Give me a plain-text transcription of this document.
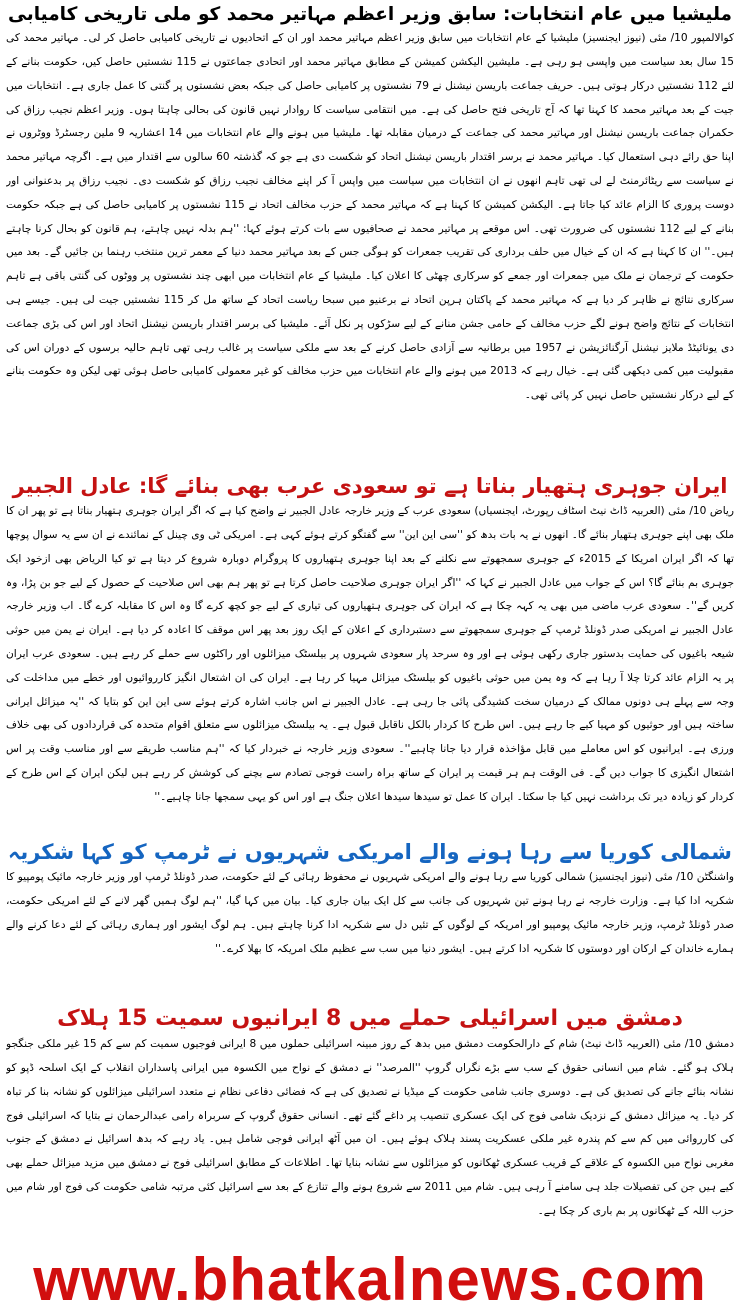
ملیشیا میں عام انتخابات: سابق وزیر اعظم مہاتیر محمد کو ملی تاریخی کامیابی

کوالالمپور 10/ مئی (نیوز ایجنسیز) ملیشیا کے عام انتخابات میں سابق وزیر اعظم مہاتیر محمد اور ان کے اتحادیوں نے تاریخی کامیابی حاصل کر لی۔ مہاتیر محمد کی 15 سال بعد سیاست میں واپسی ہو رہی ہے۔ ملیشین الیکشن کمیشن کے مطابق مہاتیر محمد اور اتحادی جماعتوں نے 115 نشستیں حاصل کیں، حکومت بنانے کے لئے 112 نشستیں درکار ہوتی ہیں۔ حریف جماعت باریسن نیشنل نے 79 نشستوں پر کامیابی حاصل کی جبکہ بعض نشستوں پر گنتی کا عمل جاری ہے۔ انتخابات میں جیت کے بعد مہاتیر محمد کا کہنا تھا کہ آج تاریخی فتح حاصل کی ہے۔ میں انتقامی سیاست کا روادار نہیں قانون کی بحالی چاہتا ہوں۔ وزیر اعظم نجیب رزاق کی حکمران جماعت باریسن نیشنل اور مہاتیر محمد کی جماعت کے درمیان مقابلہ تھا۔ ملیشیا میں ہونے والے عام انتخابات میں 14 اعشاریہ 9 ملین رجسٹرڈ ووٹروں نے اپنا حق رائے دہی استعمال کیا۔ مہاتیر محمد نے برسر اقتدار باریسن نیشنل اتحاد کو شکست دی ہے جو کہ گذشتہ 60 سالوں سے اقتدار میں ہے۔ اگرچہ مہاتیر محمد نے سیاست سے ریٹائرمنٹ لے لی تھی تاہم انھوں نے ان انتخابات میں سیاست میں واپس آ کر اپنے مخالف نجیب رزاق کو شکست دی۔ نجیب رزاق پر بدعنوانی اور دوست پروری کا الزام عائد کیا جاتا ہے۔ الیکشن کمیشن کا کہنا ہے کہ مہاتیر محمد کے حزب مخالف اتحاد نے 115 نشستوں پر کامیابی حاصل کی ہے جبکہ حکومت بنانے کے لیے 112 نشستوں کی ضرورت تھی۔ اس موقعے پر مہاتیر محمد نے صحافیوں سے بات کرتے ہوئے کہا: ''ہم بدلہ نہیں چاہتے، ہم قانون کو بحال کرنا چاہتے ہیں۔'' ان کا کہنا ہے کہ ان کے خیال میں حلف برداری کی تقریب جمعرات کو ہوگی جس کے بعد مہاتیر محمد دنیا کے معمر ترین منتخب رہنما بن جائیں گے۔ بعد میں حکومت کے ترجمان نے ملک میں جمعرات اور جمعے کو سرکاری چھٹی کا اعلان کیا۔ ملیشیا کے عام انتخابات میں ابھی چند نشستوں پر ووٹوں کی گنتی باقی ہے تاہم سرکاری نتائج نے ظاہر کر دیا ہے کہ مہاتیر محمد کے پاکتان ہرپن اتحاد نے برعنیو میں سبحا ریاست اتحاد کے ساتھ مل کر 115 نشستیں جیت لی ہیں۔ جیسے ہی انتخابات کے نتائج واضح ہونے لگے حزب مخالف کے حامی جشن منانے کے لیے سڑکوں پر نکل آئے۔ ملیشیا کی برسر اقتدار باریسن نیشنل اتحاد اور اس کی بڑی جماعت دی یونائیٹڈ ملایز نیشنل آرگنائزیشن نے 1957 میں برطانیہ سے آزادی حاصل کرنے کے بعد سے ملکی سیاست پر غالب رہی تھی تاہم حالیہ برسوں کے دوران اس کی مقبولیت میں کمی دیکھی گئی ہے۔ خیال رہے کہ 2013 میں ہونے والے عام انتخابات میں حزب مخالف کو غیر معمولی کامیابی حاصل ہوئی تھی لیکن وہ حکومت بنانے کے لیے درکار نشستیں حاصل نہیں کر پائی تھی۔

ایران جوہری ہتھیار بناتا ہے تو سعودی عرب بھی بنائے گا: عادل الجبیر

ریاض 10/ مئی (العربیہ ڈاٹ نیٹ اسٹاف رپورٹ، ایجنسیاں) سعودی عرب کے وزیر خارجہ عادل الجبیر نے واضح کیا ہے کہ اگر ایران جوہری ہتھیار بناتا ہے تو پھر ان کا ملک بھی اپنے جوہری ہتھیار بنائے گا۔ انھوں نے یہ بات بدھ کو ''سی این این'' سے گفتگو کرتے ہوئے کہی ہے۔ امریکی ٹی وی چینل کے نمائندے نے ان سے یہ سوال پوچھا تھا کہ اگر ایران امریکا کے 2015ء کے جوہری سمجھوتے سے نکلنے کے بعد اپنا جوہری ہتھیاروں کا پروگرام دوبارہ شروع کر دیتا ہے تو کیا الریاض بھی ازخود ایک جوہری بم بنائے گا؟ اس کے جواب میں عادل الجبیر نے کہا کہ ''اگر ایران جوہری صلاحیت حاصل کرتا ہے تو پھر ہم بھی اس صلاحیت کے حصول کے لیے جو بن پڑا، وہ کریں گے''۔ سعودی عرب ماضی میں بھی یہ کہہ چکا ہے کہ ایران کی جوہری ہتھیاروں کی تیاری کے لیے جو کچھ کرے گا وہ اس کا مقابلہ کرے گا۔ اب وزیر خارجہ عادل الجبیر نے امریکی صدر ڈونلڈ ٹرمپ کے جوہری سمجھوتے سے دستبرداری کے اعلان کے ایک روز بعد پھر اس موقف کا اعادہ کر دیا ہے۔ ایران نے یمن میں حوثی شیعہ باغیوں کی حمایت بدستور جاری رکھی ہوئی ہے اور وہ سرحد پار سعودی شہروں پر بیلسٹک میزائلوں اور راکٹوں سے حملے کر رہے ہیں۔ سعودی عرب ایران پر یہ الزام عائد کرتا چلا آ رہا ہے کہ وہ یمن میں حوثی باغیوں کو بیلسٹک میزائل مہیا کر رہا ہے۔ ایران کی ان اشتعال انگیز کارروائیوں اور خطے میں مداخلت کی وجہ سے پہلے ہی دونوں ممالک کے درمیان سخت کشیدگی پائی جا رہی ہے۔ عادل الجبیر نے اس جانب اشارہ کرتے ہوئے سی این این کو بتایا کہ ''یہ میزائل ایرانی ساختہ ہیں اور حوثیوں کو مہیا کیے جا رہے ہیں۔ اس طرح کا کردار بالکل ناقابل قبول ہے۔ یہ بیلسٹک میزائلوں سے متعلق اقوام متحدہ کی قراردادوں کی بھی خلاف ورزی ہے۔ ایرانیوں کو اس معاملے میں قابل مؤاخذہ قرار دیا جانا چاہیے''۔ سعودی وزیر خارجہ نے خبردار کیا کہ ''ہم مناسب طریقے سے اور مناسب وقت پر اس اشتعال انگیزی کا جواب دیں گے۔ فی الوقت ہم ہر قیمت پر ایران کے ساتھ براہ راست فوجی تصادم سے بچنے کی کوشش کر رہے ہیں لیکن ایران کے اس طرح کے کردار کو زیادہ دیر تک برداشت نہیں کیا جا سکتا۔ ایران کا عمل تو سیدھا سیدھا اعلان جنگ ہے اور اس کو یہی سمجھا جانا چاہیے۔''

شمالی کوریا سے رہا ہونے والے امریکی شہریوں نے ٹرمپ کو کہا شکریہ

واشنگٹن 10/ مئی (نیوز ایجنسیز) شمالی کوریا سے رہا ہونے والے امریکی شہریوں نے محفوظ رہائی کے لئے حکومت، صدر ڈونلڈ ٹرمپ اور وزیر خارجہ مائیک پومپیو کا شکریہ ادا کیا ہے۔ وزارت خارجہ نے رہا ہونے تین شہریوں کی جانب سے کل ایک بیان جاری کیا۔ بیان میں کہا گیا، ''ہم لوگ ہمیں گھر لانے کے لئے امریکی حکومت، صدر ڈونلڈ ٹرمپ، وزیر خارجہ مائیک پومپیو اور امریکہ کے لوگوں کے تئیں دل سے شکریہ ادا کرنا چاہتے ہیں۔ ہم لوگ ایشور اور ہماری رہائی کے لئے دعا کرنے والے ہمارے خاندان کے ارکان اور دوستوں کا شکریہ ادا کرتے ہیں۔ ایشور دنیا میں سب سے عظیم ملک امریکہ کا بھلا کرے۔''

دمشق میں اسرائیلی حملے میں 8 ایرانیوں سمیت 15 ہلاک

دمشق 10/ مئی (العربیہ ڈاٹ نیٹ) شام کے دارالحکومت دمشق میں بدھ کے روز مبینہ اسرائیلی حملوں میں 8 ایرانی فوجیوں سمیت کم سے کم 15 غیر ملکی جنگجو ہلاک ہو گئے۔ شام میں انسانی حقوق کے سب سے بڑے نگراں گروپ ''المرصد'' نے دمشق کے نواح میں الکسوہ میں ایرانی پاسداران انقلاب کے ایک اسلحہ ڈپو کو نشانہ بنائے جانے کی تصدیق کی ہے۔ دوسری جانب شامی حکومت کے میڈیا نے تصدیق کی ہے کہ فضائی دفاعی نظام نے متعدد اسرائیلی میزائلوں کو نشانہ بنا کر تباہ کر دیا۔ یہ میزائل دمشق کے نزدیک شامی فوج کی ایک عسکری تنصیب پر داغے گئے تھے۔ انسانی حقوق گروپ کے سربراہ رامی عبدالرحمان نے بتایا کہ اسرائیلی فوج کی کارروائی میں کم سے کم پندرہ غیر ملکی عسکریت پسند ہلاک ہوئے ہیں۔ ان میں آٹھ ایرانی فوجی شامل ہیں۔ یاد رہے کہ بدھ اسرائیل نے دمشق کے جنوب مغربی نواح میں الکسوہ کے علاقے کے قریب عسکری ٹھکانوں کو میزائلوں سے نشانہ بنایا تھا۔ اطلاعات کے مطابق اسرائیلی فوج نے دمشق میں مزید میزائل حملے بھی کیے ہیں جن کی تفصیلات جلد ہی سامنے آ رہی ہیں۔ شام میں 2011 سے شروع ہونے والے تنازع کے بعد سے اسرائیل کئی مرتبہ شامی حکومت کی فوج اور شام میں حزب اللہ کے ٹھکانوں پر بم باری کر چکا ہے۔

www.bhatkalnews.com
